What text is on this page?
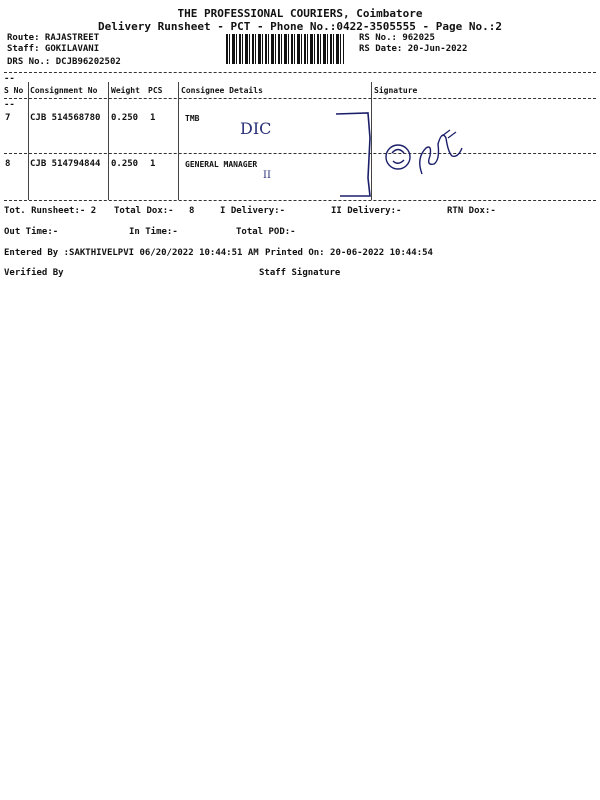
THE PROFESSIONAL COURIERS, Coimbatore
Delivery Runsheet - PCT - Phone No.:0422-3505555 - Page No.:2
Route: RAJASTREET
Staff: GOKILAVANI
DRS No.: DCJB96202502
RS No.: 962025
RS Date: 20-Jun-2022
--
S No Consignment No Weight PCS Consignee Details	Signature
--
7 CJB 514568780 0.250 1	TMB
8 CJB 514794844 0.250 1	GENERAL MANAGER
DIC
II
Tot. Runsheet:- 2 Total Dox:- 8	I Delivery:-	II Delivery:-	RTN Dox:-
Out Time:-	In Time:-	Total POD:-
Entered By :SAKTHIVELPVI 06/20/2022 10:44:51 AM Printed On: 20-06-2022 10:44:54
Verified By	Staff Signature
